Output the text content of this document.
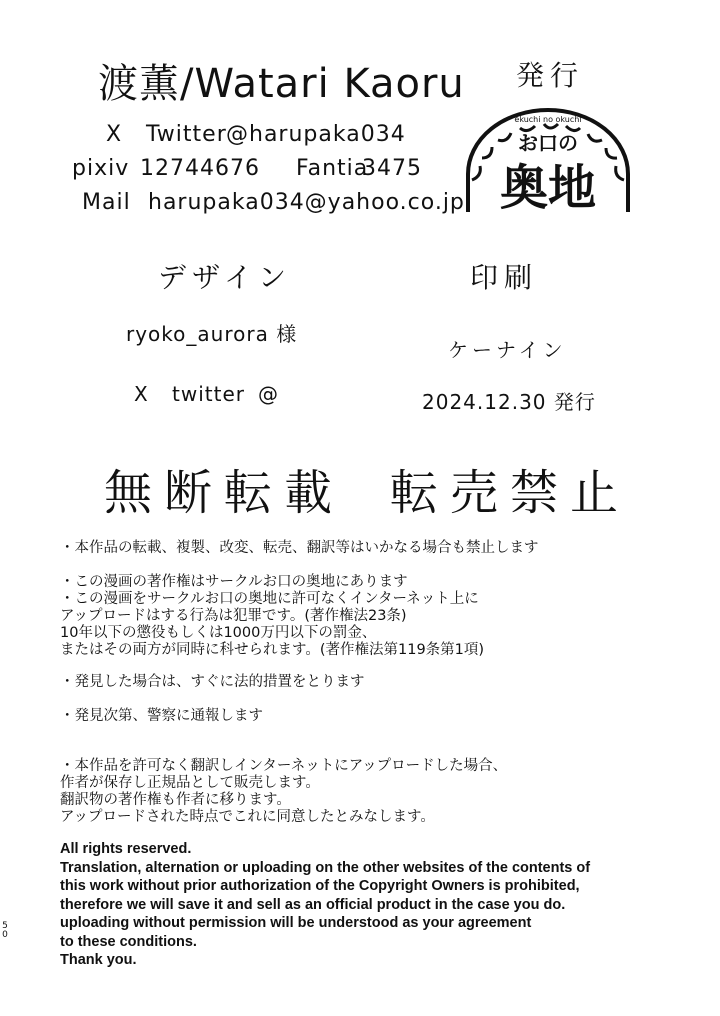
渡薫/Watari Kaoru
X Twitter @harupaka034
pixiv 12744676 Fantia
3475
Mail harupaka034@yahoo.co.jp
発行
ekuchi no okuchi
お口の
奥地
デザイン
ryoko_aurora 様
X twitter @
印刷
ケーナイン
2024.12.30 発行
無断転載 転売禁止
・本作品の転載、複製、改変、転売、翻訳等はいかなる場合も禁止します
・この漫画の著作権はサークルお口の奥地にあります
・この漫画をサークルお口の奥地に許可なくインターネット上に
アップロードはする行為は犯罪です。(著作権法23条)
10年以下の懲役もしくは1000万円以下の罰金、
またはその両方が同時に科せられます。(著作権法第119条第1項)
・発見した場合は、すぐに法的措置をとります
・発見次第、警察に通報します
・本作品を許可なく翻訳しインターネットにアップロードした場合、
作者が保存し正規品として販売します。
翻訳物の著作権も作者に移ります。
アップロードされた時点でこれに同意したとみなします。
All rights reserved.
Translation, alternation or uploading on the other websites of the contents of
this work without prior authorization of the Copyright Owners is prohibited,
therefore we will save it and sell as an official product in the case you do.
uploading without permission will be understood as your agreement
to these conditions.
Thank you.
50
